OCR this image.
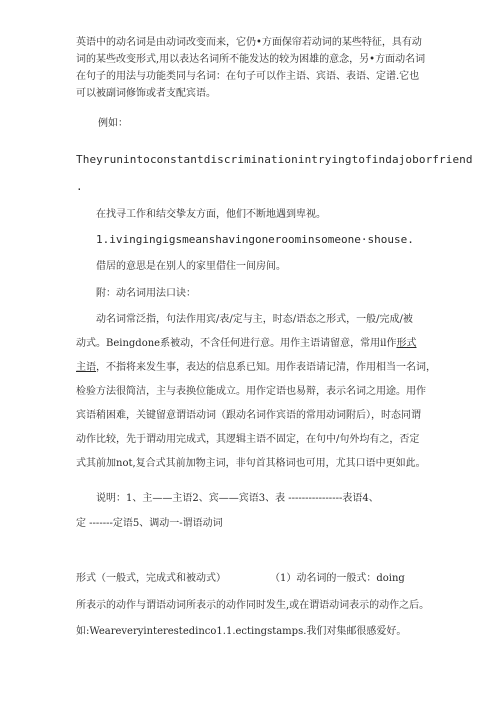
英语中的动名词是由动词改变而来，它仍•方面保帘若动词的某些特征，具有动
词的某些改变形式,用以表达名词所不能发达的较为困雄的意念，另•方面动名词
在句子的用法与功能类同与名词：在句子可以作主语、宾语、表语、定谱.它也
可以被副词修饰或者支配宾语。
例如：
Theyrunintoconstantdiscriminationintryingtofindajoborfriend
.
在找寻工作和结交挚友方面，他们不断地遇到卑视。
1.ivingingigsmeanshavingoneroominsomeone·shouse.
借居的意思是在别人的家里借住一间房间。
附：动名词用法口诀：
动名词常泛指，句法作用宾/表/定与主，时态/语态之形式，一般/完成/被
动式。Beingdone系被动，不含任何进行意。用作主语请留意，常用il作形式
主语，不指将来发生事，表达的信息系已知。用作表语请记清，作用相当一名词，
检验方法很简洁，主与表换位能成立。用作定语也易辩，表示名词之用途。用作
宾语稍困难，关键留意谓语动词（跟动名词作宾语的常用动词附后），时态同谓
动作比较，先于谓动用完成式，其逻辑主语不固定，在句中/句外均有之，否定
式其前加not,复合式其前加物主词，非句首其格词也可用，尤其口语中更如此。
说明：1、主——主语2、宾——宾语3、表 ----------------表语4、
定 -------定语5、调动一-谓语动词
形式（一般式，完成式和被动式）	（1）动名词的一般式：doing
所表示的动作与谓语动词所表示的动作同时发生,或在谓语动词表示的动作之后。
如:Weareveryinterestedinco1.1.ectingstamps.我们对集邮很感爱好。
